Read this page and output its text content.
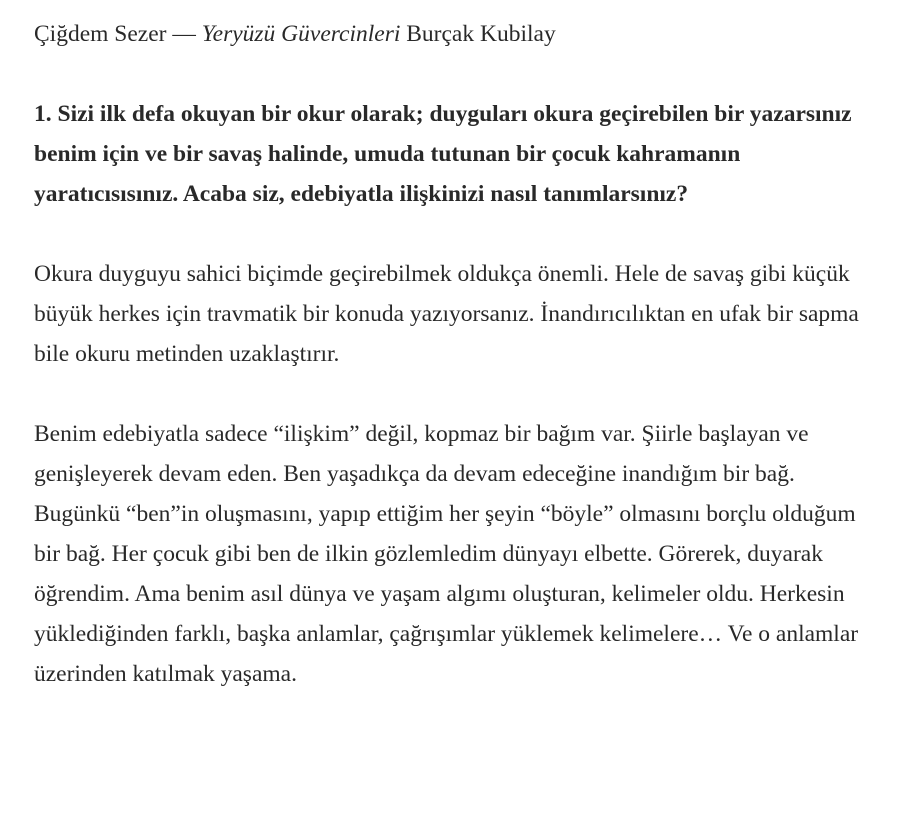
Çiğdem Sezer — Yeryüzü Güvercinleri Burçak Kubilay

1. Sizi ilk defa okuyan bir okur olarak; duyguları okura geçirebilen bir yazarsınız benim için ve bir savaş halinde, umuda tutunan bir çocuk kahramanın yaratıcısısınız. Acaba siz, edebiyatla ilişkinizi nasıl tanımlarsınız?

Okura duyguyu sahici biçimde geçirebilmek oldukça önemli. Hele de savaş gibi küçük büyük herkes için travmatik bir konuda yazıyorsanız. İnandırıcılıktan en ufak bir sapma bile okuru metinden uzaklaştırır.

Benim edebiyatla sadece “ilişkim” değil, kopmaz bir bağım var. Şiirle başlayan ve genişleyerek devam eden. Ben yaşadıkça da devam edeceğine inandığım bir bağ. Bugünkü “ben”in oluşmasını, yapıp ettiğim her şeyin “böyle” olmasını borçlu olduğum bir bağ. Her çocuk gibi ben de ilkin gözlemledim dünyayı elbette. Görerek, duyarak öğrendim. Ama benim asıl dünya ve yaşam algımı oluşturan, kelimeler oldu. Herkesin yüklediğinden farklı, başka anlamlar, çağrışımlar yüklemek kelimelere… Ve o anlamlar üzerinden katılmak yaşama.
